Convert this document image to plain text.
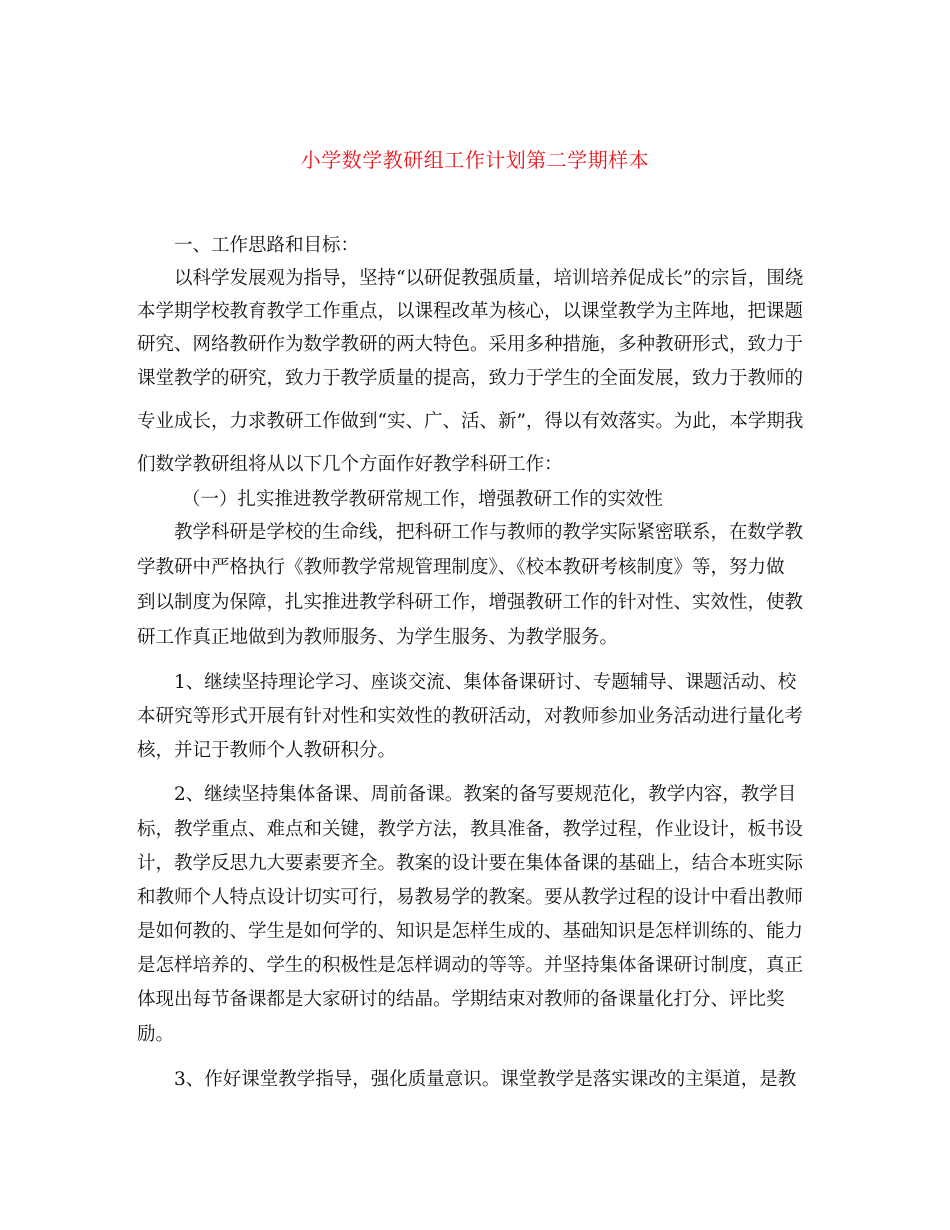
小学数学教研组工作计划第二学期样本
一、工作思路和目标：
以科学发展观为指导，坚持“以研促教强质量，培训培养促成长”的宗旨，围绕
本学期学校教育教学工作重点，以课程改革为核心，以课堂教学为主阵地，把课题
研究、网络教研作为数学教研的两大特色。采用多种措施，多种教研形式，致力于
课堂教学的研究，致力于教学质量的提高，致力于学生的全面发展，致力于教师的
专业成长，力求教研工作做到“实、广、活、新”，得以有效落实。为此，本学期我
们数学教研组将从以下几个方面作好教学科研工作：
（一）扎实推进教学教研常规工作，增强教研工作的实效性
教学科研是学校的生命线，把科研工作与教师的教学实际紧密联系，在数学教
学教研中严格执行《教师教学常规管理制度》、《校本教研考核制度》等，努力做
到以制度为保障，扎实推进教学科研工作，增强教研工作的针对性、实效性，使教
研工作真正地做到为教师服务、为学生服务、为教学服务。
1、继续坚持理论学习、座谈交流、集体备课研讨、专题辅导、课题活动、校
本研究等形式开展有针对性和实效性的教研活动，对教师参加业务活动进行量化考
核，并记于教师个人教研积分。
2、继续坚持集体备课、周前备课。教案的备写要规范化，教学内容，教学目
标，教学重点、难点和关键，教学方法，教具准备，教学过程，作业设计，板书设
计，教学反思九大要素要齐全。教案的设计要在集体备课的基础上，结合本班实际
和教师个人特点设计切实可行，易教易学的教案。要从教学过程的设计中看出教师
是如何教的、学生是如何学的、知识是怎样生成的、基础知识是怎样训练的、能力
是怎样培养的、学生的积极性是怎样调动的等等。并坚持集体备课研讨制度，真正
体现出每节备课都是大家研讨的结晶。学期结束对教师的备课量化打分、评比奖
励。
3、作好课堂教学指导，强化质量意识。课堂教学是落实课改的主渠道，是教
